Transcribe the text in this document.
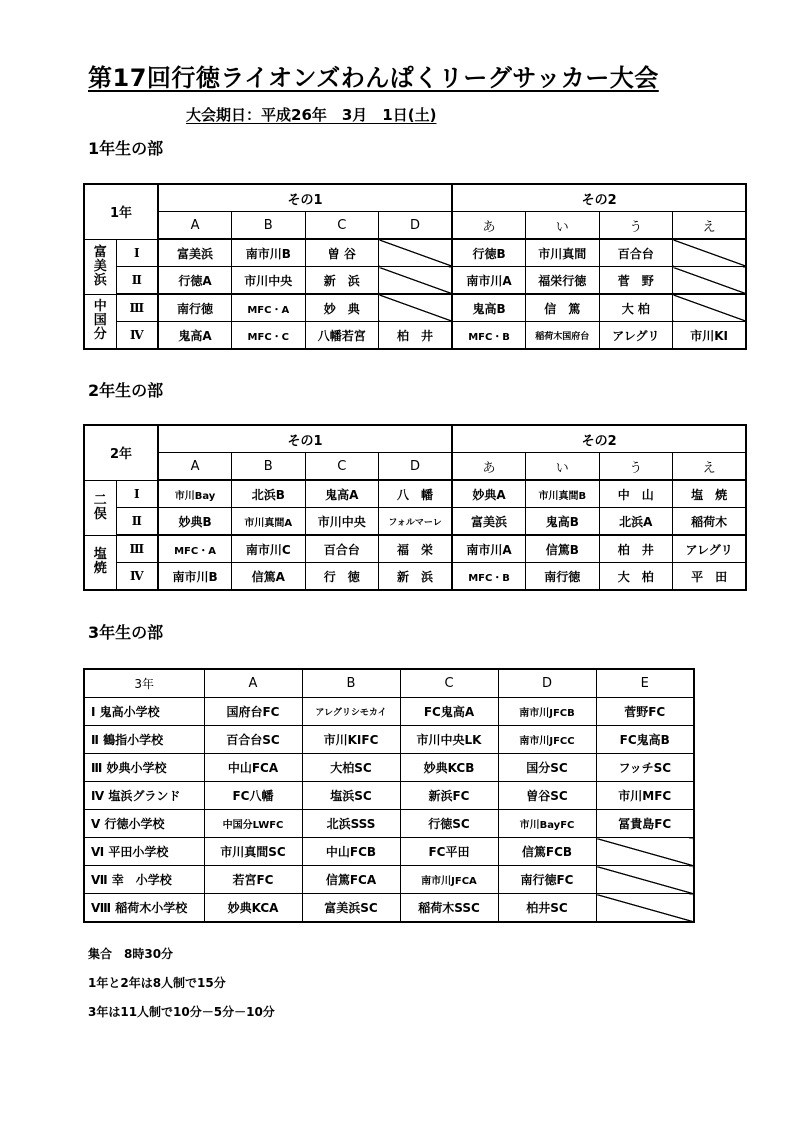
第17回行徳ライオンズわんぱくリーグサッカー大会
大会期日：平成26年　3月　1日(土)
1年生の部
1年		その1				その2			
		A	B	C	D	あ	い	う	え

富
美
浜	Ⅰ	富美浜	南市川B	曽 谷		行徳B	市川真間	百合台	
	Ⅱ	行徳A	市川中央	新　浜		南市川A	福栄行徳	菅　野	

中
国
分	Ⅲ	南行徳	MFC・A	妙　典		鬼高B	信　篤	大 柏	
	Ⅳ	鬼高A	MFC・C	八幡若宮	柏　井	MFC・B	稲荷木国府台	アレグリ	市川KI
2年生の部
2年		その1				その2			
		A	B	C	D	あ	い	う	え

二
俣	Ⅰ	市川Bay	北浜B	鬼高A	八　幡	妙典A	市川真間B	中　山	塩　焼
	Ⅱ	妙典B	市川真間A	市川中央	フォルマーレ	富美浜	鬼高B	北浜A	稲荷木

塩
焼	Ⅲ	MFC・A	南市川C	百合台	福　栄	南市川A	信篤B	柏　井	アレグリ
	Ⅳ	南市川B	信篤A	行　徳	新　浜	MFC・B	南行徳	大　柏	平　田
3年生の部
3年	A	B	C	D	E
Ⅰ 鬼高小学校	国府台FC	アレグリシモカイ	FC鬼高A	南市川JFCB	菅野FC
Ⅱ 鶴指小学校	百合台SC	市川KIFC	市川中央LK	南市川JFCC	FC鬼高B
Ⅲ 妙典小学校	中山FCA	大柏SC	妙典KCB	国分SC	フッチSC
Ⅳ 塩浜グランド	FC八幡	塩浜SC	新浜FC	曽谷SC	市川MFC
Ⅴ 行徳小学校	中国分LWFC	北浜SSS	行徳SC	市川BayFC	冨貴島FC
Ⅵ 平田小学校	市川真間SC	中山FCB	FC平田	信篤FCB	
Ⅶ 幸　小学校	若宮FC	信篤FCA	南市川JFCA	南行徳FC	
Ⅷ 稲荷木小学校	妙典KCA	富美浜SC	稲荷木SSC	柏井SC	
集合　8時30分
1年と2年は8人制で15分
3年は11人制で10分－5分－10分
